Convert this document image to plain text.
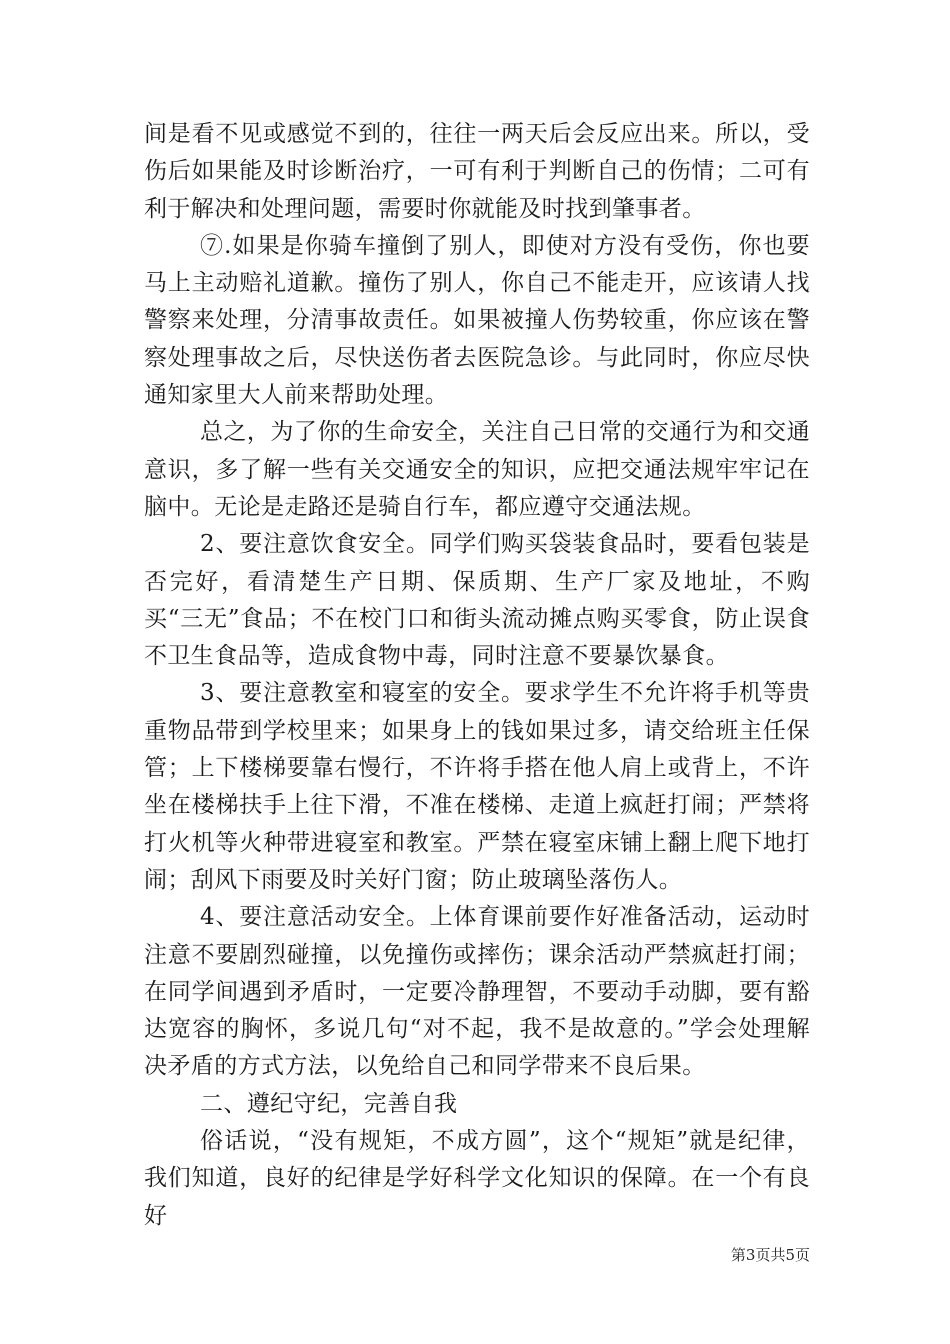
间是看不见或感觉不到的，往往一两天后会反应出来。所以，受伤后如果能及时诊断治疗，一可有利于判断自己的伤情；二可有利于解决和处理问题，需要时你就能及时找到肇事者。

⑦.如果是你骑车撞倒了别人，即使对方没有受伤，你也要马上主动赔礼道歉。撞伤了别人，你自己不能走开，应该请人找警察来处理，分清事故责任。如果被撞人伤势较重，你应该在警察处理事故之后，尽快送伤者去医院急诊。与此同时，你应尽快通知家里大人前来帮助处理。

总之，为了你的生命安全，关注自己日常的交通行为和交通意识，多了解一些有关交通安全的知识，应把交通法规牢牢记在脑中。无论是走路还是骑自行车，都应遵守交通法规。

2、要注意饮食安全。同学们购买袋装食品时，要看包装是否完好，看清楚生产日期、保质期、生产厂家及地址，不购买“三无”食品；不在校门口和街头流动摊点购买零食，防止误食不卫生食品等，造成食物中毒，同时注意不要暴饮暴食。

3、要注意教室和寝室的安全。要求学生不允许将手机等贵重物品带到学校里来；如果身上的钱如果过多，请交给班主任保管；上下楼梯要靠右慢行，不许将手搭在他人肩上或背上，不许坐在楼梯扶手上往下滑，不准在楼梯、走道上疯赶打闹；严禁将打火机等火种带进寝室和教室。严禁在寝室床铺上翻上爬下地打闹；刮风下雨要及时关好门窗；防止玻璃坠落伤人。

4、要注意活动安全。上体育课前要作好准备活动，运动时注意不要剧烈碰撞，以免撞伤或摔伤；课余活动严禁疯赶打闹；在同学间遇到矛盾时，一定要冷静理智，不要动手动脚，要有豁达宽容的胸怀，多说几句“对不起，我不是故意的。”学会处理解决矛盾的方式方法，以免给自己和同学带来不良后果。

二、遵纪守纪，完善自我

俗话说，“没有规矩，不成方圆”，这个“规矩”就是纪律，我们知道，良好的纪律是学好科学文化知识的保障。在一个有良好

第3页共5页
